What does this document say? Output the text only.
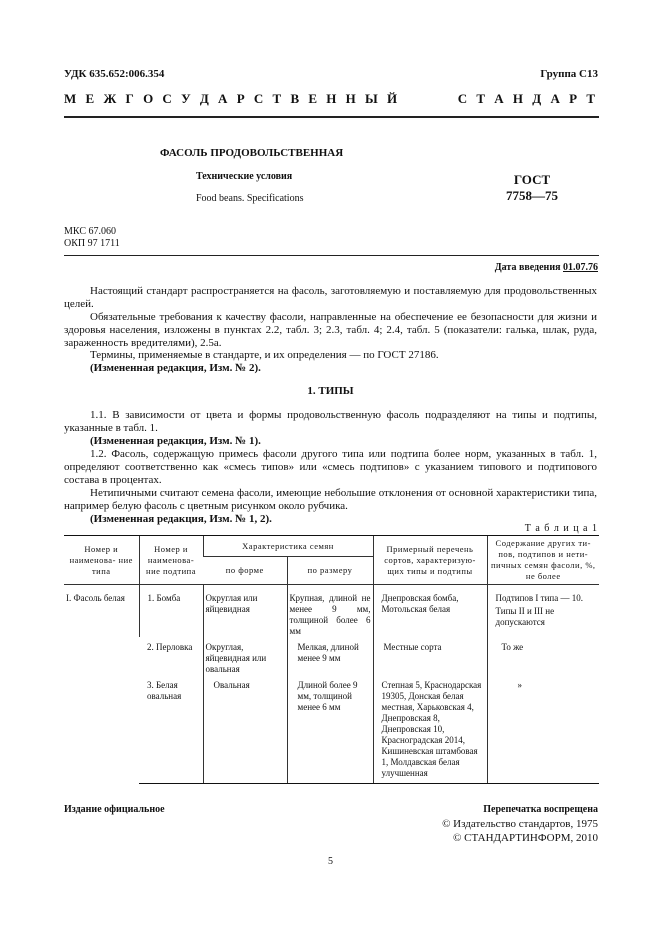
УДК 635.652:006.354	Группа С13
М Е Ж Г О С У Д А Р С Т В Е Н Н Ы Й	С Т А Н Д А Р Т
ФАСОЛЬ ПРОДОВОЛЬСТВЕННАЯ
Технические условия
Food beans. Specifications
ГОСТ
7758—75
МКС 67.060
ОКП 97 1711
Дата введения 01.07.76
Настоящий стандарт распространяется на фасоль, заготовляемую и поставляемую для продовольственных целей.
Обязательные требования к качеству фасоли, направленные на обеспечение ее безопасности для жизни и здоровья населения, изложены в пунктах 2.2, табл. 3; 2.3, табл. 4; 2.4, табл. 5 (показатели: галька, шлак, руда, зараженность вредителями), 2.5а.
Термины, применяемые в стандарте, и их определения — по ГОСТ 27186.
(Измененная редакция, Изм. № 2).
1. ТИПЫ
1.1. В зависимости от цвета и формы продовольственную фасоль подразделяют на типы и подтипы, указанные в табл. 1.
(Измененная редакция, Изм. № 1).
1.2. Фасоль, содержащую примесь фасоли другого типа или подтипа более норм, указанных в табл. 1, определяют соответственно как «смесь типов» или «смесь подтипов» с указанием типового и подтипового состава в процентах.
Нетипичными считают семена фасоли, имеющие небольшие отклонения от основной характеристики типа, например белую фасоль с цветным рисунком около рубчика.
(Измененная редакция, Изм. № 1, 2).
Т а б л и ц а 1
Номер и наименова- ние типа	Номер и наименова- ние подтипа	Характеристика семян		Примерный перечень сортов, характеризую- щих типы и подтипы	Содержание других ти- пов, подтипов и нети- пичных семян фасоли, %, не более
		по форме	по размеру		
I. Фасоль белая	1. Бомба	Округлая или яйцевидная	Крупная, длиной не менее 9 мм, толщиной более 6 мм	Днепровская бомба, Мотольская белая	Подтипов I типа — 10.
Типы II и III не допускаются

	2. Перловка	Округлая, яйцевидная или овальная	Мелкая, длиной менее 9 мм	Местные сорта	То же
	3. Белая овальная	Овальная	Длиной более 9 мм, толщиной менее 6 мм	Степная 5, Краснодарская 19305, Донская белая местная, Харьковская 4, Днепровская 8, Днепровская 10, Красноградская 2014, Кишиневская штамбовая 1, Молдавская белая улучшенная	»
Издание официальное	Перепечатка воспрещена
© Издательство стандартов, 1975
© СТАНДАРТИНФОРМ, 2010
5
